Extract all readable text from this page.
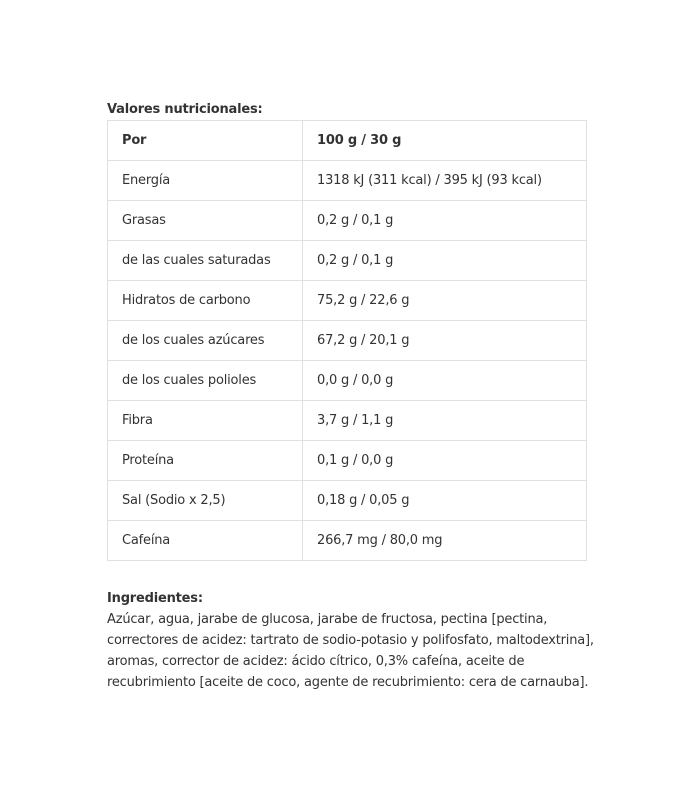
Valores nutricionales:
Por	100 g / 30 g
Energía	1318 kJ (311 kcal) / 395 kJ (93 kcal)
Grasas	0,2 g / 0,1 g
de las cuales saturadas	0,2 g / 0,1 g
Hidratos de carbono	75,2 g / 22,6 g
de los cuales azúcares	67,2 g / 20,1 g
de los cuales polioles	0,0 g / 0,0 g
Fibra	3,7 g / 1,1 g
Proteína	0,1 g / 0,0 g
Sal (Sodio x 2,5)	0,18 g / 0,05 g
Cafeína	266,7 mg / 80,0 mg
Ingredientes:
Azúcar, agua, jarabe de glucosa, jarabe de fructosa, pectina [pectina, correctores de acidez: tartrato de sodio-potasio y polifosfato, maltodextrina], aromas, corrector de acidez: ácido cítrico, 0,3% cafeína, aceite de recubrimiento [aceite de coco, agente de recubrimiento: cera de carnauba].
